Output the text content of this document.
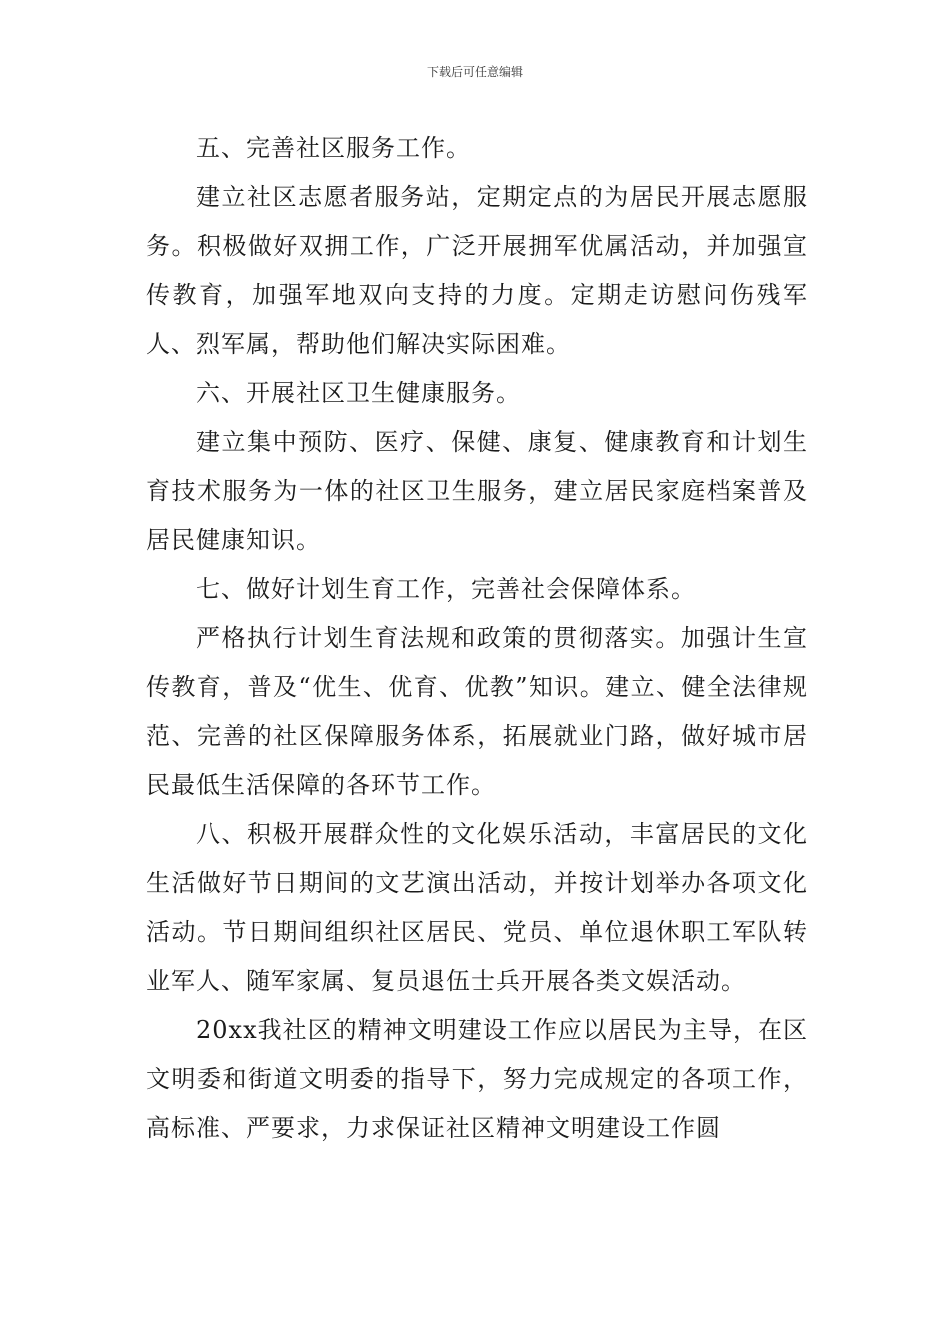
下载后可任意编辑

五、完善社区服务工作。

建立社区志愿者服务站，定期定点的为居民开展志愿服务。积极做好双拥工作，广泛开展拥军优属活动，并加强宣传教育，加强军地双向支持的力度。定期走访慰问伤残军人、烈军属，帮助他们解决实际困难。

六、开展社区卫生健康服务。

建立集中预防、医疗、保健、康复、健康教育和计划生育技术服务为一体的社区卫生服务，建立居民家庭档案普及居民健康知识。

七、做好计划生育工作，完善社会保障体系。

严格执行计划生育法规和政策的贯彻落实。加强计生宣传教育，普及“优生、优育、优教”知识。建立、健全法律规范、完善的社区保障服务体系，拓展就业门路，做好城市居民最低生活保障的各环节工作。

八、积极开展群众性的文化娱乐活动，丰富居民的文化生活做好节日期间的文艺演出活动，并按计划举办各项文化活动。节日期间组织社区居民、党员、单位退休职工军队转业军人、随军家属、复员退伍士兵开展各类文娱活动。

20xx我社区的精神文明建设工作应以居民为主导，在区文明委和街道文明委的指导下，努力完成规定的各项工作，高标准、严要求，力求保证社区精神文明建设工作圆
